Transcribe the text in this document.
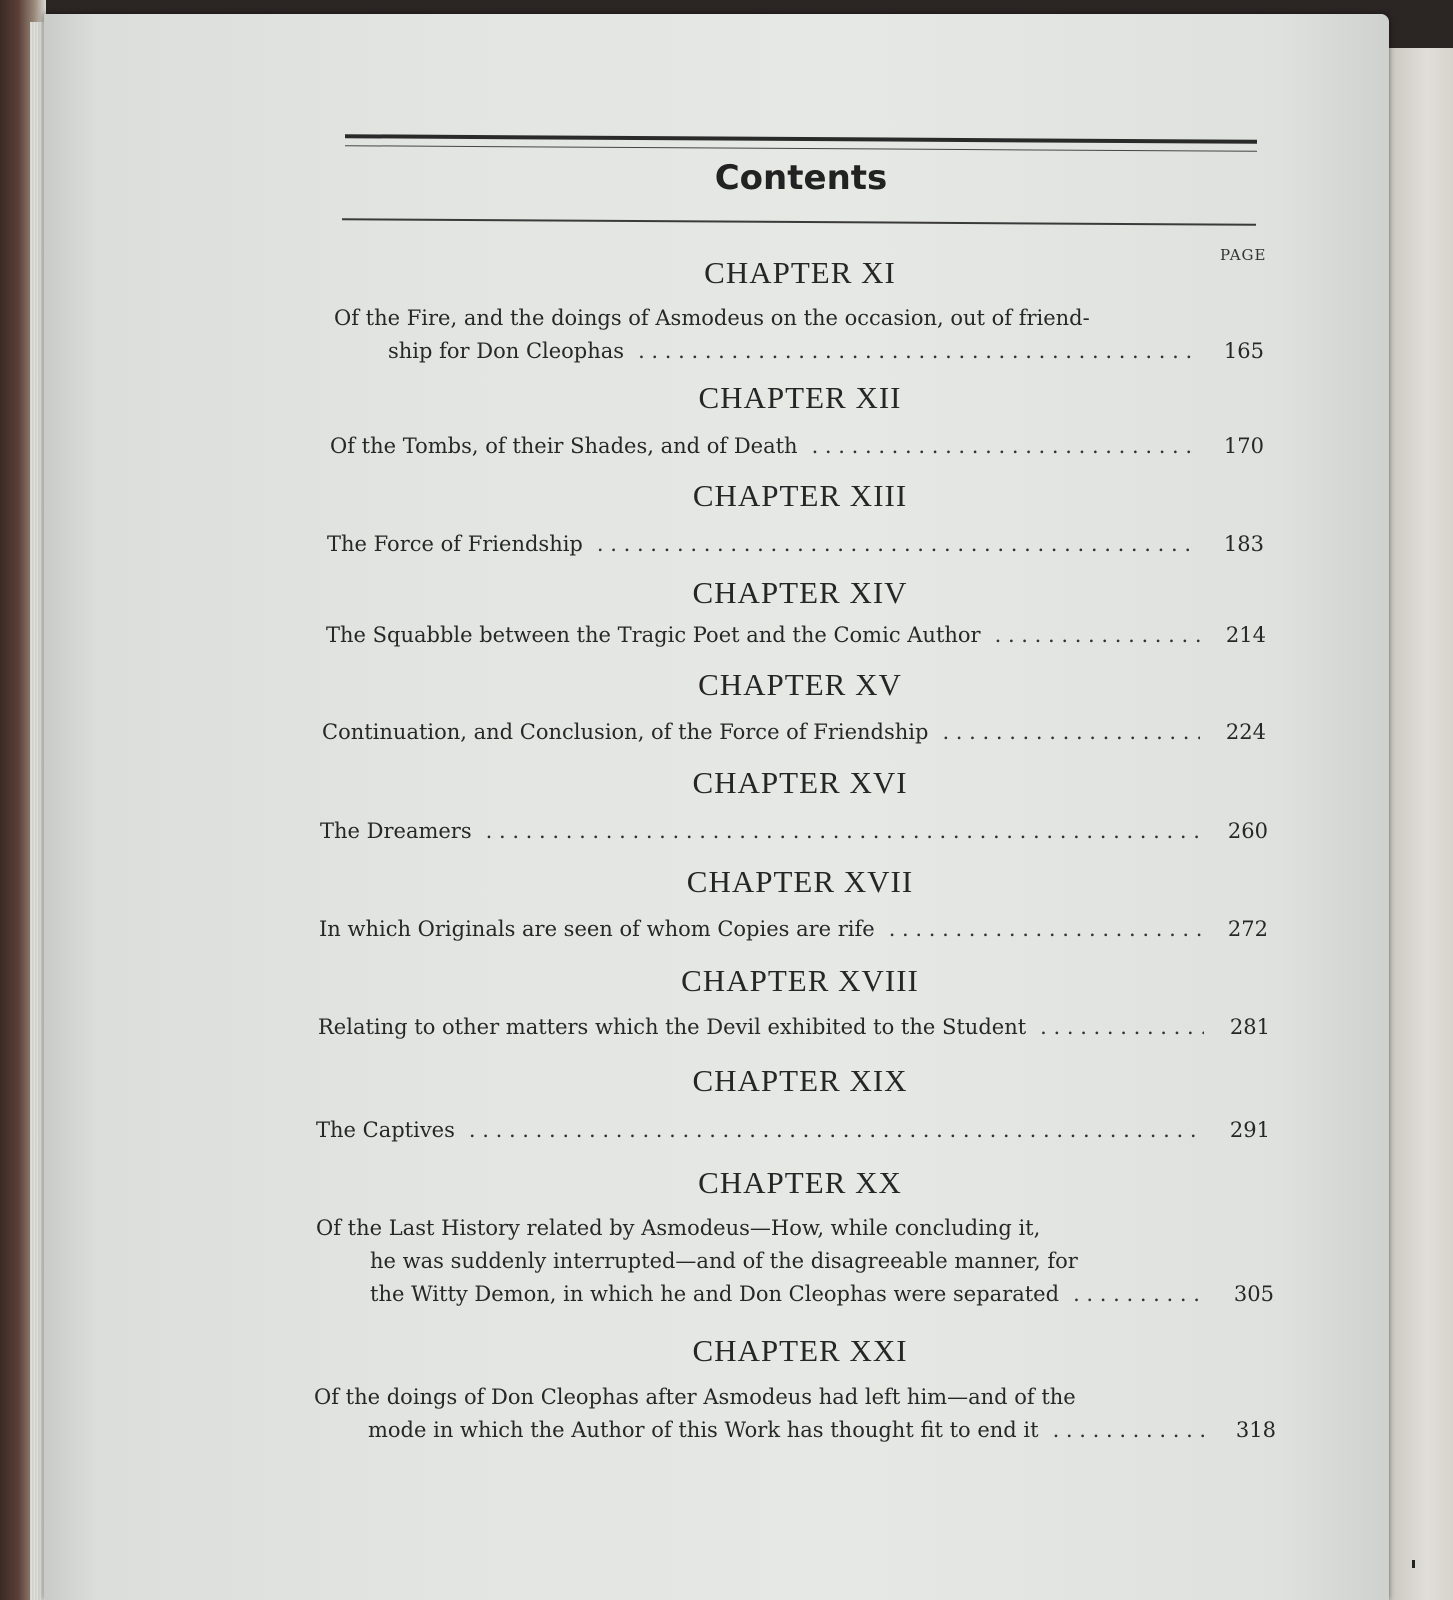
Contents
PAGE
CHAPTER XI
Of the Fire, and the doings of Asmodeus on the occasion, out of friend-
ship for Don Cleophas . . .	165
CHAPTER XII
Of the Tombs, of their Shades, and of Death . . .	170
CHAPTER XIII
The Force of Friendship . . .	183
CHAPTER XIV
The Squabble between the Tragic Poet and the Comic Author . . .	214
CHAPTER XV
Continuation, and Conclusion, of the Force of Friendship . . .	224
CHAPTER XVI
The Dreamers . . .	260
CHAPTER XVII
In which Originals are seen of whom Copies are rife . . .	272
CHAPTER XVIII
Relating to other matters which the Devil exhibited to the Student . . .	281
CHAPTER XIX
The Captives . . .	291
CHAPTER XX
Of the Last History related by Asmodeus—How, while concluding it,
he was suddenly interrupted—and of the disagreeable manner, for
the Witty Demon, in which he and Don Cleophas were separated . . .	305
CHAPTER XXI
Of the doings of Don Cleophas after Asmodeus had left him—and of the
mode in which the Author of this Work has thought fit to end it . . .	318
